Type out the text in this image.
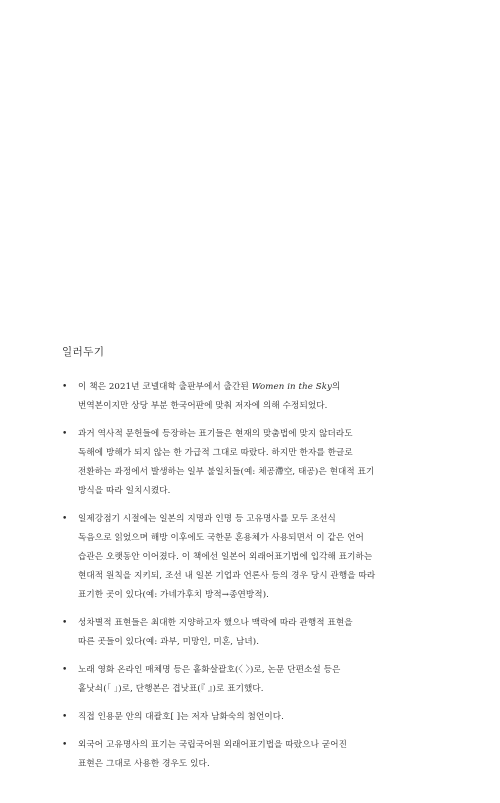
일러두기
•	이 책은 2021년 코넬대학 출판부에서 출간된 Women in the Sky의
번역본이지만 상당 부분 한국어판에 맞춰 저자에 의해 수정되었다.
•	과거 역사적 문헌들에 등장하는 표기들은 현재의 맞춤법에 맞지 않더라도
독해에 방해가 되지 않는 한 가급적 그대로 따랐다. 하지만 한자를 한글로
전환하는 과정에서 발생하는 일부 불일치들(예: 체공滯空, 태공)은 현대적 표기
방식을 따라 일치시켰다.
•	일제강점기 시절에는 일본의 지명과 인명 등 고유명사를 모두 조선식
독음으로 읽었으며 해방 이후에도 국한문 혼용체가 사용되면서 이 같은 언어
습관은 오랫동안 이어졌다. 이 책에선 일본어 외래어표기법에 입각해 표기하는
현대적 원칙을 지키되, 조선 내 일본 기업과 언론사 등의 경우 당시 관행을 따라
표기한 곳이 있다(예: 가네가후치 방적→종연방적).
•	성차별적 표현들은 최대한 지양하고자 했으나 맥락에 따라 관행적 표현을
따른 곳들이 있다(예: 과부, 미망인, 미혼, 남녀).
•	노래 영화 온라인 매체명 등은 홑화살괄호(〈 〉)로, 논문 단편소설 등은
홑낫쇠(「 」)로, 단행본은 겹낫표(『 』)로 표기했다.
•	직접 인용문 안의 대괄호[ ]는 저자 남화숙의 첨언이다.
•	외국어 고유명사의 표기는 국립국어원 외래어표기법을 따랐으나 굳어진
표현은 그대로 사용한 경우도 있다.
